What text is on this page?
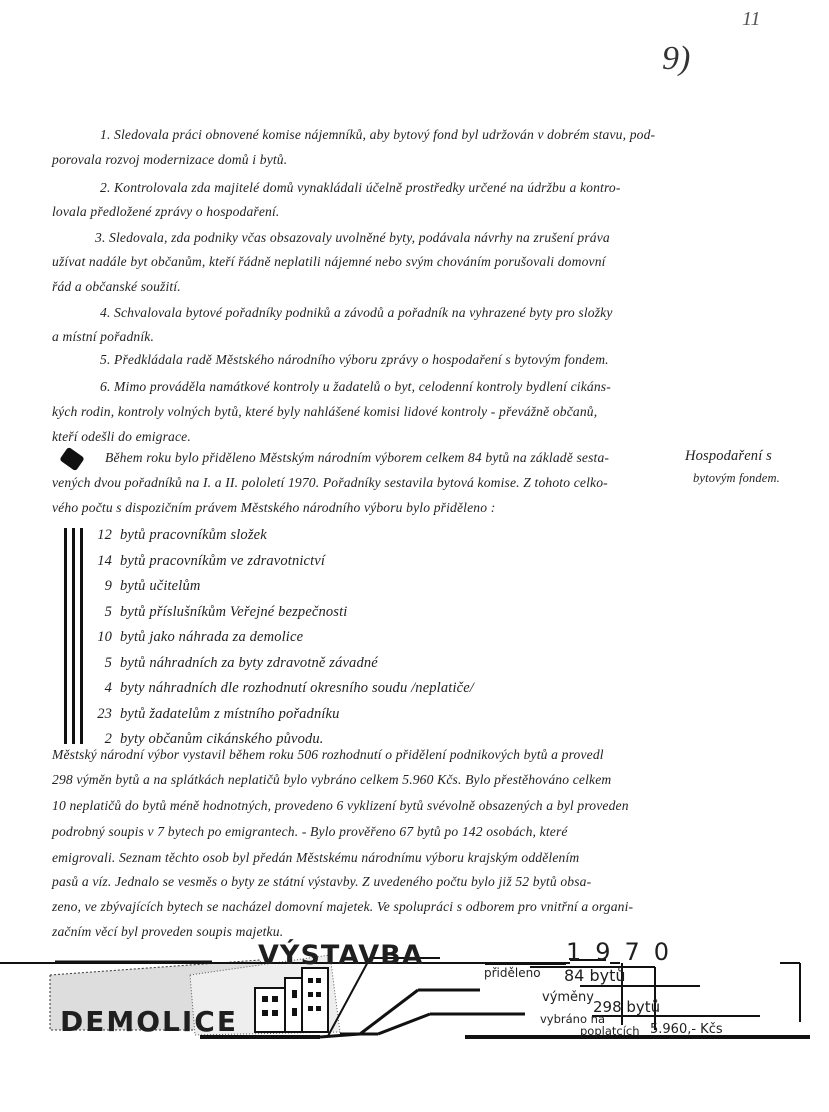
11
9)
1. Sledovala práci obnovené komise nájemníků, aby bytový fond byl udržován v dobrém stavu, pod-
porovala rozvoj modernizace domů i bytů.
2. Kontrolovala zda majitelé domů vynakládali účelně prostředky určené na údržbu a kontro-
lovala předložené zprávy o hospodaření.
3. Sledovala, zda podniky včas obsazovaly uvolněné byty, podávala návrhy na zrušení práva
užívat nadále byt občanům, kteří řádně neplatili nájemné nebo svým chováním porušovali domovní
řád a občanské soužití.
4. Schvalovala bytové pořadníky podniků a závodů a pořadník na vyhrazené byty pro složky
a místní pořadník.
5. Předkládala radě Městského národního výboru zprávy o hospodaření s bytovým fondem.
6. Mimo prováděla namátkové kontroly u žadatelů o byt, celodenní kontroly bydlení cikáns-
kých rodin, kontroly volných bytů, které byly nahlášené komisi lidové kontroly - převážně občanů,
kteří odešli do emigrace.
Během roku bylo přiděleno Městským národním výborem celkem 84 bytů na základě sesta-
vených dvou pořadníků na I. a II. pololetí 1970. Pořadníky sestavila bytová komise. Z tohoto celko-
vého počtu s dispozičním právem Městského národního výboru bylo přiděleno :
Hospodaření s
bytovým fondem.
12 bytů pracovníkům složek
14 bytů pracovníkům ve zdravotnictví
9 bytů učitelům
5 bytů příslušníkům Veřejné bezpečnosti
10 bytů jako náhrada za demolice
5 bytů náhradních za byty zdravotně závadné
4 byty náhradních dle rozhodnutí okresního soudu /neplatiče/
23 bytů žadatelům z místního pořadníku
2 byty občanům cikánského původu.
Městský národní výbor vystavil během roku 506 rozhodnutí o přidělení podnikových bytů a provedl
298 výměn bytů a na splátkách neplatičů bylo vybráno celkem 5.960 Kčs. Bylo přestěhováno celkem
10 neplatičů do bytů méně hodnotných, provedeno 6 vyklizení bytů svévolně obsazených a byl proveden
podrobný soupis v 7 bytech po emigrantech. - Bylo prověřeno 67 bytů po 142 osobách, které
emigrovali. Seznam těchto osob byl předán Městskému národnímu výboru krajským oddělením
pasů a víz. Jednalo se vesměs o byty ze státní výstavby. Z uvedeného počtu bylo již 52 bytů obsa-
zeno, ve zbývajících bytech se nacházel domovní majetek. Ve spolupráci s odborem pro vnitřní a organi-
začním věcí byl proveden soupis majetku.
VÝSTAVBA
DEMOLICE
1970
přiděleno 84 bytů
výměny
298 bytů
vybráno na
poplatcích 5.960,- Kčs
